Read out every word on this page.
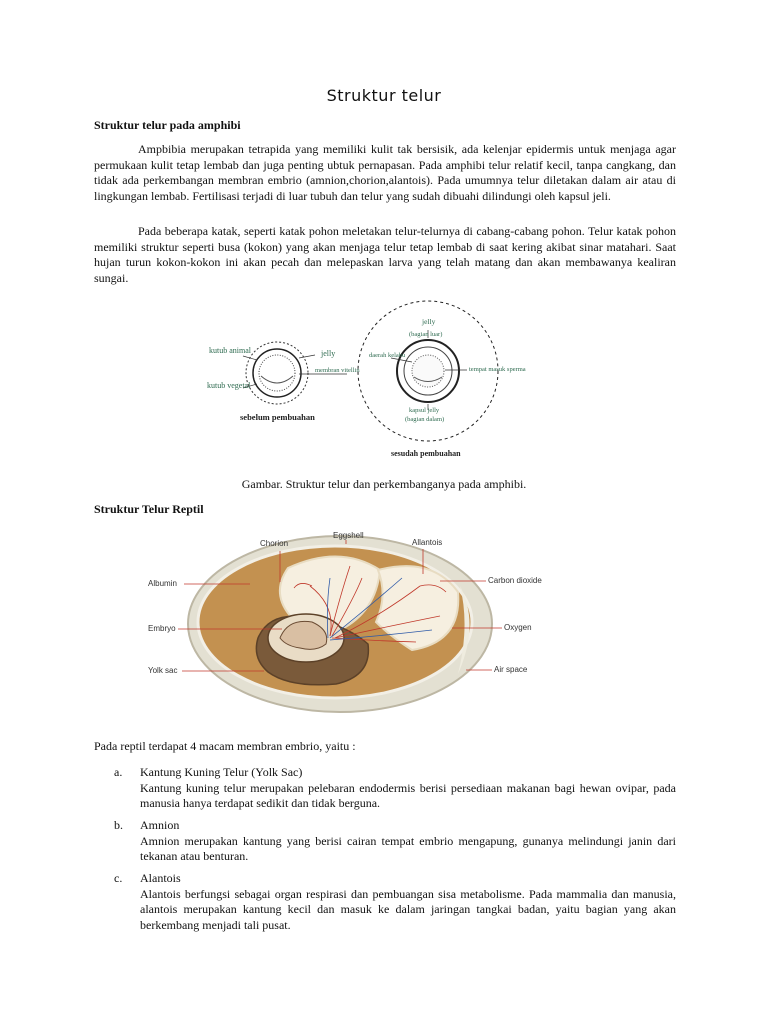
Struktur telur
Struktur telur pada amphibi

Ampbibia merupakan tetrapida yang memiliki kulit tak bersisik, ada kelenjar epidermis untuk menjaga agar permukaan kulit tetap lembab dan juga penting ubtuk pernapasan. Pada amphibi telur relatif kecil, tanpa cangkang, dan tidak ada perkembangan membran embrio (amnion,chorion,alantois). Pada umumnya telur diletakan dalam air atau di lingkungan lembab. Fertilisasi terjadi di luar tubuh dan telur yang sudah dibuahi dilindungi oleh kapsul jeli.

Pada beberapa katak, seperti katak pohon meletakan telur-telurnya di cabang-cabang pohon. Telur katak pohon memiliki struktur seperti busa (kokon) yang akan menjaga telur tetap lembab di saat kering akibat sinar matahari. Saat hujan turun kokon-kokon ini akan pecah dan melepaskan larva yang telah matang dan akan membawanya kealiran sungai.

kutub animal
kutub vegetal
jelly
membran vitellin
sebelum pembuahan
daerah kelabu
jelly
(bagian luar)
tempat masuk sperma
kapsul jelly
(bagian dalam)
sesudah pembuahan
Gambar. Struktur telur dan perkembanganya pada amphibi.
Struktur Telur Reptil
Chorion
Eggshell
Allantois
Albumin	Carbon dioxide
Embryo	Oxygen
Yolk sac	Air space
Pada reptil terdapat 4 macam membran embrio, yaitu :
a. Kantung Kuning Telur (Yolk Sac)
Kantung kuning telur merupakan pelebaran endodermis berisi persediaan makanan bagi hewan ovipar, pada manusia hanya terdapat sedikit dan tidak berguna.
b. Amnion
Amnion merupakan kantung yang berisi cairan tempat embrio mengapung, gunanya melindungi janin dari tekanan atau benturan.
c. Alantois
Alantois berfungsi sebagai organ respirasi dan pembuangan sisa metabolisme. Pada mammalia dan manusia, alantois merupakan kantung kecil dan masuk ke dalam jaringan tangkai badan, yaitu bagian yang akan berkembang menjadi tali pusat.
